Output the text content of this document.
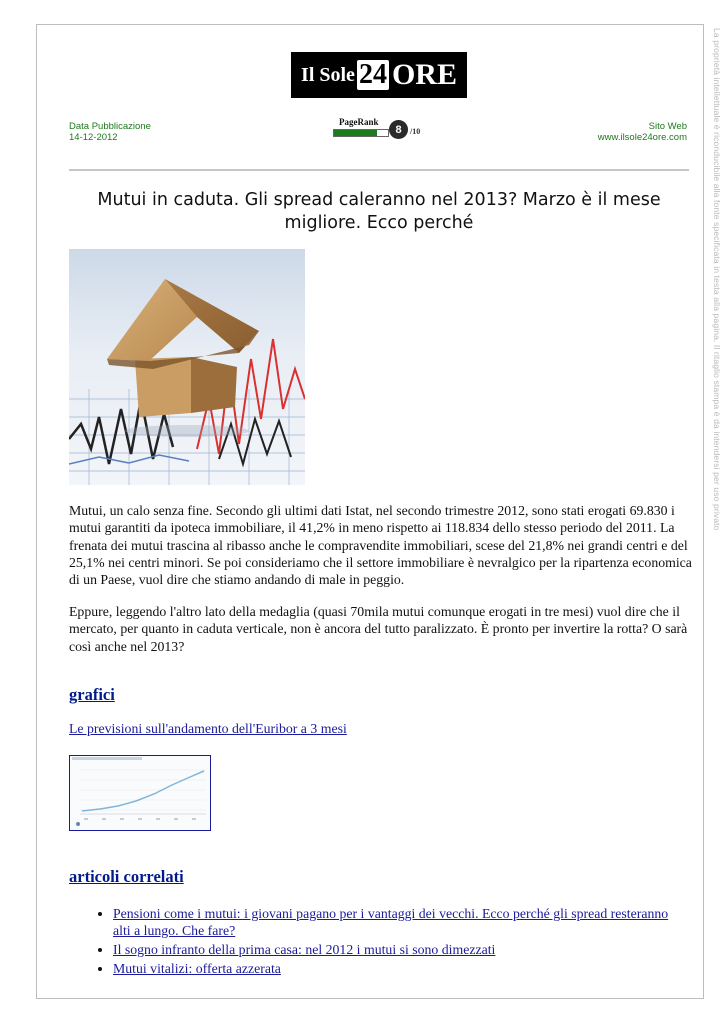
La proprietà intellettuale è riconducibile alla fonte specificata in testa alla pagina. Il ritaglio stampa è da intendersi per uso privato
Il Sole 24 ORE
Data Pubblicazione
14-12-2012
PageRank
8	/10	Sito Web
www.ilsole24ore.com
Mutui in caduta. Gli spread caleranno nel 2013? Marzo è il mese migliore. Ecco perché

Mutui, un calo senza fine. Secondo gli ultimi dati Istat, nel secondo trimestre 2012, sono stati erogati 69.830 i mutui garantiti da ipoteca immobiliare, il 41,2% in meno rispetto ai 118.834 dello stesso periodo del 2011. La frenata dei mutui trascina al ribasso anche le compravendite immobiliari, scese del 21,8% nei grandi centri e del 25,1% nei centri minori. Se poi consideriamo che il settore immobiliare è nevralgico per la ripartenza economica di un Paese, vuol dire che stiamo andando di male in peggio.

Eppure, leggendo l'altro lato della medaglia (quasi 70mila mutui comunque erogati in tre mesi) vuol dire che il mercato, per quanto in caduta verticale, non è ancora del tutto paralizzato. È pronto per invertire la rotta? O sarà così anche nel 2013?

grafici
Le previsioni sull'andamento dell'Euribor a 3 mesi
articoli correlati
• Pensioni come i mutui: i giovani pagano per i vantaggi dei vecchi. Ecco perché gli spread resteranno alti a lungo. Che fare?
• Il sogno infranto della prima casa: nel 2012 i mutui si sono dimezzati
• Mutui vitalizi: offerta azzerata
